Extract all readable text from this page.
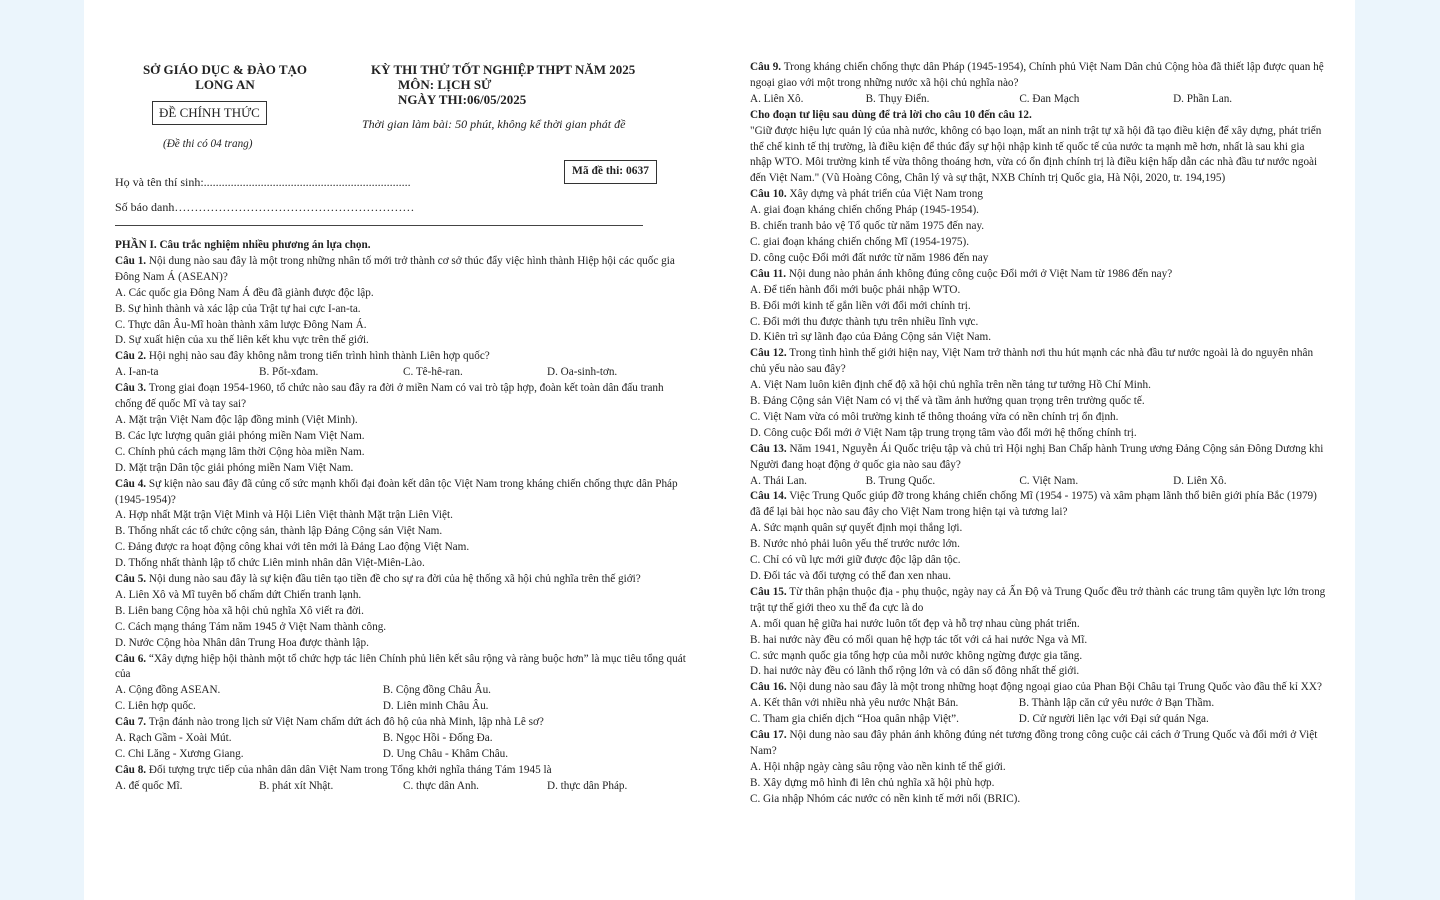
SỞ GIÁO DỤC & ĐÀO TẠO
LONG AN
ĐỀ CHÍNH THỨC
(Đề thi có 04 trang)
KỲ THI THỬ TỐT NGHIỆP THPT NĂM 2025
MÔN: LỊCH SỬ
NGÀY THI:06/05/2025
Thời gian làm bài: 50 phút, không kể thời gian phát đề
Mã đề thi: 0637
Họ và tên thí sinh:.....................................................................
Số báo danh……………………………………………………
PHẦN I. Câu trắc nghiệm nhiều phương án lựa chọn.
Câu 1. Nội dung nào sau đây là một trong những nhân tố mới trở thành cơ sở thúc đẩy việc hình thành Hiệp hội các quốc gia Đông Nam Á (ASEAN)?
A. Các quốc gia Đông Nam Á đều đã giành được độc lập.
B. Sự hình thành và xác lập của Trật tự hai cực I-an-ta.
C. Thực dân Âu-Mĩ hoàn thành xâm lược Đông Nam Á.
D. Sự xuất hiện của xu thế liên kết khu vực trên thế giới.
Câu 2. Hội nghị nào sau đây không nằm trong tiến trình hình thành Liên hợp quốc?
A. I-an-ta	B. Pốt-xđam.	C. Tê-hê-ran.	D. Oa-sinh-tơn.
Câu 3. Trong giai đoạn 1954-1960, tổ chức nào sau đây ra đời ở miền Nam có vai trò tập hợp, đoàn kết toàn dân đấu tranh chống đế quốc Mĩ và tay sai?
A. Mặt trận Việt Nam độc lập đồng minh (Việt Minh).
B. Các lực lượng quân giải phóng miền Nam Việt Nam.
C. Chính phủ cách mạng lâm thời Cộng hòa miền Nam.
D. Mặt trận Dân tộc giải phóng miền Nam Việt Nam.
Câu 4. Sự kiện nào sau đây đã củng cố sức mạnh khối đại đoàn kết dân tộc Việt Nam trong kháng chiến chống thực dân Pháp (1945-1954)?
A. Hợp nhất Mặt trận Việt Minh và Hội Liên Việt thành Mặt trận Liên Việt.
B. Thống nhất các tổ chức cộng sản, thành lập Đảng Cộng sản Việt Nam.
C. Đảng được ra hoạt động công khai với tên mới là Đảng Lao động Việt Nam.
D. Thống nhất thành lập tổ chức Liên minh nhân dân Việt-Miên-Lào.
Câu 5. Nội dung nào sau đây là sự kiện đầu tiên tạo tiền đề cho sự ra đời của hệ thống xã hội chủ nghĩa trên thế giới?
A. Liên Xô và Mĩ tuyên bố chấm dứt Chiến tranh lạnh.
B. Liên bang Cộng hòa xã hội chủ nghĩa Xô viết ra đời.
C. Cách mạng tháng Tám năm 1945 ở Việt Nam thành công.
D. Nước Cộng hòa Nhân dân Trung Hoa được thành lập.
Câu 6. “Xây dựng hiệp hội thành một tổ chức hợp tác liên Chính phủ liên kết sâu rộng và ràng buộc hơn” là mục tiêu tổng quát của
A. Cộng đồng ASEAN.	B. Cộng đồng Châu Âu.
C. Liên hợp quốc.	D. Liên minh Châu Âu.
Câu 7. Trận đánh nào trong lịch sử Việt Nam chấm dứt ách đô hộ của nhà Minh, lập nhà Lê sơ?
A. Rạch Gầm - Xoài Mút.	B. Ngọc Hồi - Đống Đa.
C. Chi Lăng - Xương Giang.	D. Ung Châu - Khâm Châu.
Câu 8. Đối tượng trực tiếp của nhân dân dân Việt Nam trong Tổng khởi nghĩa tháng Tám 1945 là
A. đế quốc Mĩ.	B. phát xít Nhật.	C. thực dân Anh.	D. thực dân Pháp.
Câu 9. Trong kháng chiến chống thực dân Pháp (1945-1954), Chính phủ Việt Nam Dân chủ Cộng hòa đã thiết lập được quan hệ ngoại giao với một trong những nước xã hội chủ nghĩa nào?
A. Liên Xô.	B. Thụy Điển.	C. Đan Mạch	D. Phần Lan.
Cho đoạn tư liệu sau dùng để trả lời cho câu 10 đến câu 12.
"Giữ được hiệu lực quản lý của nhà nước, không có bạo loạn, mất an ninh trật tự xã hội đã tạo điều kiện để xây dựng, phát triển thể chế kinh tế thị trường, là điều kiện để thúc đẩy sự hội nhập kinh tế quốc tế của nước ta mạnh mẽ hơn, nhất là sau khi gia nhập WTO. Môi trường kinh tế vừa thông thoáng hơn, vừa có ổn định chính trị là điều kiện hấp dẫn các nhà đầu tư nước ngoài đến Việt Nam." (Vũ Hoàng Công, Chân lý và sự thật, NXB Chính trị Quốc gia, Hà Nội, 2020, tr. 194,195)
Câu 10. Xây dựng và phát triển của Việt Nam trong
A. giai đoạn kháng chiến chống Pháp (1945-1954).
B. chiến tranh bảo vệ Tổ quốc từ năm 1975 đến nay.
C. giai đoạn kháng chiến chống Mĩ (1954-1975).
D. công cuộc Đổi mới đất nước từ năm 1986 đến nay
Câu 11. Nội dung nào phản ánh không đúng công cuộc Đổi mới ở Việt Nam từ 1986 đến nay?
A. Để tiến hành đổi mới buộc phải nhập WTO.
B. Đổi mới kinh tế gắn liền với đổi mới chính trị.
C. Đổi mới thu được thành tựu trên nhiều lĩnh vực.
D. Kiên trì sự lãnh đạo của Đảng Cộng sản Việt Nam.
Câu 12. Trong tình hình thế giới hiện nay, Việt Nam trở thành nơi thu hút mạnh các nhà đầu tư nước ngoài là do nguyên nhân chủ yếu nào sau đây?
A. Việt Nam luôn kiên định chế độ xã hội chủ nghĩa trên nền tảng tư tưởng Hồ Chí Minh.
B. Đảng Cộng sản Việt Nam có vị thế và tầm ảnh hưởng quan trọng trên trường quốc tế.
C. Việt Nam vừa có môi trường kinh tế thông thoáng vừa có nền chính trị ổn định.
D. Công cuộc Đổi mới ở Việt Nam tập trung trọng tâm vào đổi mới hệ thống chính trị.
Câu 13. Năm 1941, Nguyễn Ái Quốc triệu tập và chủ trì Hội nghị Ban Chấp hành Trung ương Đảng Cộng sản Đông Dương khi Người đang hoạt động ở quốc gia nào sau đây?
A. Thái Lan.	B. Trung Quốc.	C. Việt Nam.	D. Liên Xô.
Câu 14. Việc Trung Quốc giúp đỡ trong kháng chiến chống Mĩ (1954 - 1975) và xâm phạm lãnh thổ biên giới phía Bắc (1979) đã để lại bài học nào sau đây cho Việt Nam trong hiện tại và tương lai?
A. Sức mạnh quân sự quyết định mọi thắng lợi.
B. Nước nhỏ phải luôn yếu thế trước nước lớn.
C. Chỉ có vũ lực mới giữ được độc lập dân tộc.
D. Đối tác và đối tượng có thể đan xen nhau.
Câu 15. Từ thân phận thuộc địa - phụ thuộc, ngày nay cả Ấn Độ và Trung Quốc đều trở thành các trung tâm quyền lực lớn trong trật tự thế giới theo xu thế đa cực là do
A. mối quan hệ giữa hai nước luôn tốt đẹp và hỗ trợ nhau cùng phát triển.
B. hai nước này đều có mối quan hệ hợp tác tốt với cả hai nước Nga và Mĩ.
C. sức mạnh quốc gia tổng hợp của mỗi nước không ngừng được gia tăng.
D. hai nước này đều có lãnh thổ rộng lớn và có dân số đông nhất thế giới.
Câu 16. Nội dung nào sau đây là một trong những hoạt động ngoại giao của Phan Bội Châu tại Trung Quốc vào đầu thế kỉ XX?
A. Kết thân với nhiều nhà yêu nước Nhật Bản.	B. Thành lập căn cứ yêu nước ở Bạn Thầm.
C. Tham gia chiến dịch “Hoa quân nhập Việt”.	D. Cử người liên lạc với Đại sứ quán Nga.
Câu 17. Nội dung nào sau đây phản ánh không đúng nét tương đồng trong công cuộc cải cách ở Trung Quốc và đổi mới ở Việt Nam?
A. Hội nhập ngày càng sâu rộng vào nền kinh tế thế giới.
B. Xây dựng mô hình đi lên chủ nghĩa xã hội phù hợp.
C. Gia nhập Nhóm các nước có nền kinh tế mới nổi (BRIC).
